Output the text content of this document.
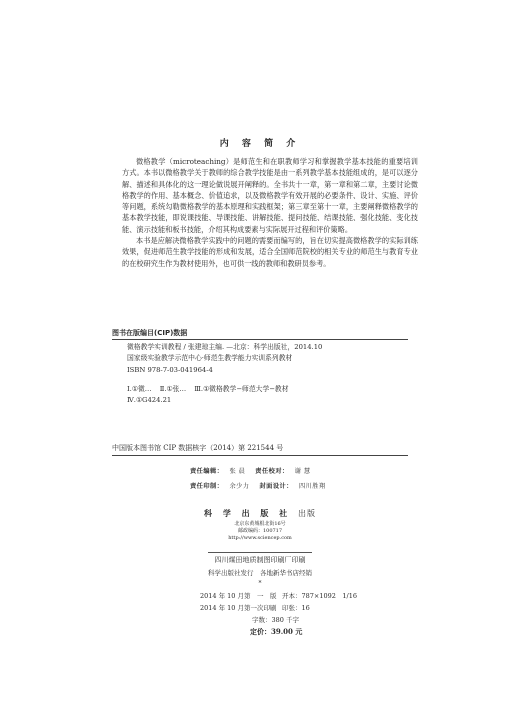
内 容 简 介

微格教学（microteaching）是师范生和在职教师学习和掌握教学基本技能的重要培训方式。本书以微格教学关于教师的综合教学技能是由一系列教学基本技能组成的，是可以逐分解、描述和具体化的这一理论做说展开阐释的。全书共十一章，第一章和第二章，主要讨论微格教学的作用、基本概念、价值追求，以及微格教学有效开展的必要条件、设计、实施、评价等问题，系统勾勒微格教学的基本原理和实践框架；第三章至第十一章，主要阐释微格教学的基本教学技能，即说课技能、导课技能、讲解技能、提问技能、结课技能、强化技能、变化技能、演示技能和板书技能，介绍其构成要素与实际展开过程和评价策略。

本书是应解决微格教学实践中的问题的需要而编写的，旨在切实提高微格教学的实际训练效果，促进师范生教学技能的形成和发展，适合全国师范院校的相关专业的师范生与教育专业的在校研究生作为教材使用外，也可供一线的教师和教研员参考。

图书在版编目(CIP)数据
微格教学实训教程 / 张建琼主编. —北京：科学出版社，2014.10
国家级实验教学示范中心·师范生教学能力实训系列教材
ISBN 978-7-03-041964-4
Ⅰ.①微… Ⅱ.①张… Ⅲ.①微格教学−师范大学−教材
Ⅳ.①G424.21
中国版本图书馆 CIP 数据核字（2014）第 221544 号
责任编辑： 张 晨 责任校对： 谢 慧
责任印制： 余少力 封面设计： 四川胜翔
科 学 出 版 社 出版
北京东黄城根北街16号
邮政编码：100717
http://www.sciencep.com
四川煤田地质制图印刷厂印刷
科学出版社发行　各地新华书店经销
*
2014 年 10 月第　一　版 开本：787×1092　1/16
2014 年 10 月第一次印刷 印张：16
字数：380 千字
定价：39.00 元
